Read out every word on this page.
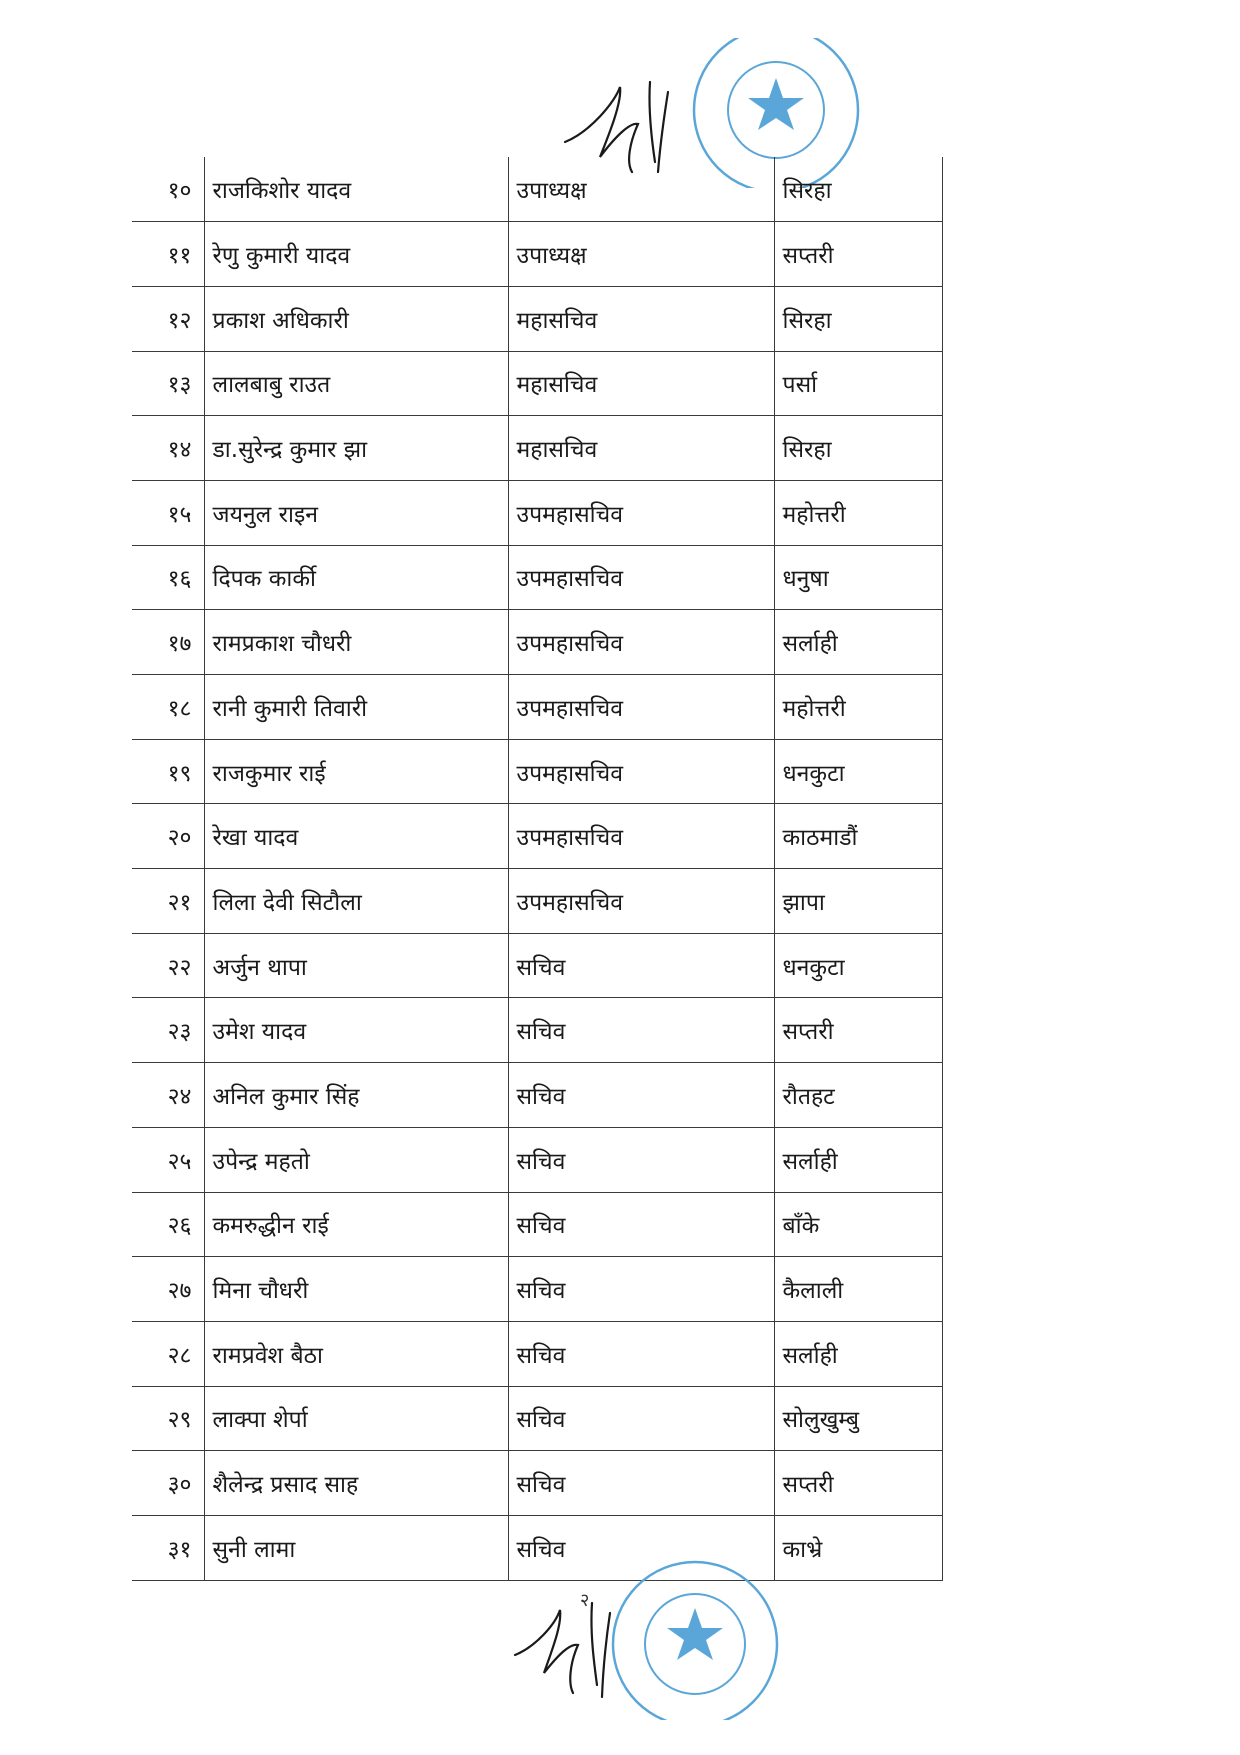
१०	राजकिशोर यादव	उपाध्यक्ष	सिरहा
११	रेणु कुमारी यादव	उपाध्यक्ष	सप्तरी
१२	प्रकाश अधिकारी	महासचिव	सिरहा
१३	लालबाबु राउत	महासचिव	पर्सा
१४	डा.सुरेन्द्र कुमार झा	महासचिव	सिरहा
१५	जयनुल राइन	उपमहासचिव	महोत्तरी
१६	दिपक कार्की	उपमहासचिव	धनुषा
१७	रामप्रकाश चौधरी	उपमहासचिव	सर्लाही
१८	रानी कुमारी तिवारी	उपमहासचिव	महोत्तरी
१९	राजकुमार राई	उपमहासचिव	धनकुटा
२०	रेखा यादव	उपमहासचिव	काठमाडौं
२१	लिला देवी सिटौला	उपमहासचिव	झापा
२२	अर्जुन थापा	सचिव	धनकुटा
२३	उमेश यादव	सचिव	सप्तरी
२४	अनिल कुमार सिंह	सचिव	रौतहट
२५	उपेन्द्र महतो	सचिव	सर्लाही
२६	कमरुद्धीन राई	सचिव	बाँके
२७	मिना चौधरी	सचिव	कैलाली
२८	रामप्रवेश बैठा	सचिव	सर्लाही
२९	लाक्पा शेर्पा	सचिव	सोलुखुम्बु
३०	शैलेन्द्र प्रसाद साह	सचिव	सप्तरी
३१	सुनी लामा	सचिव	काभ्रे
२
